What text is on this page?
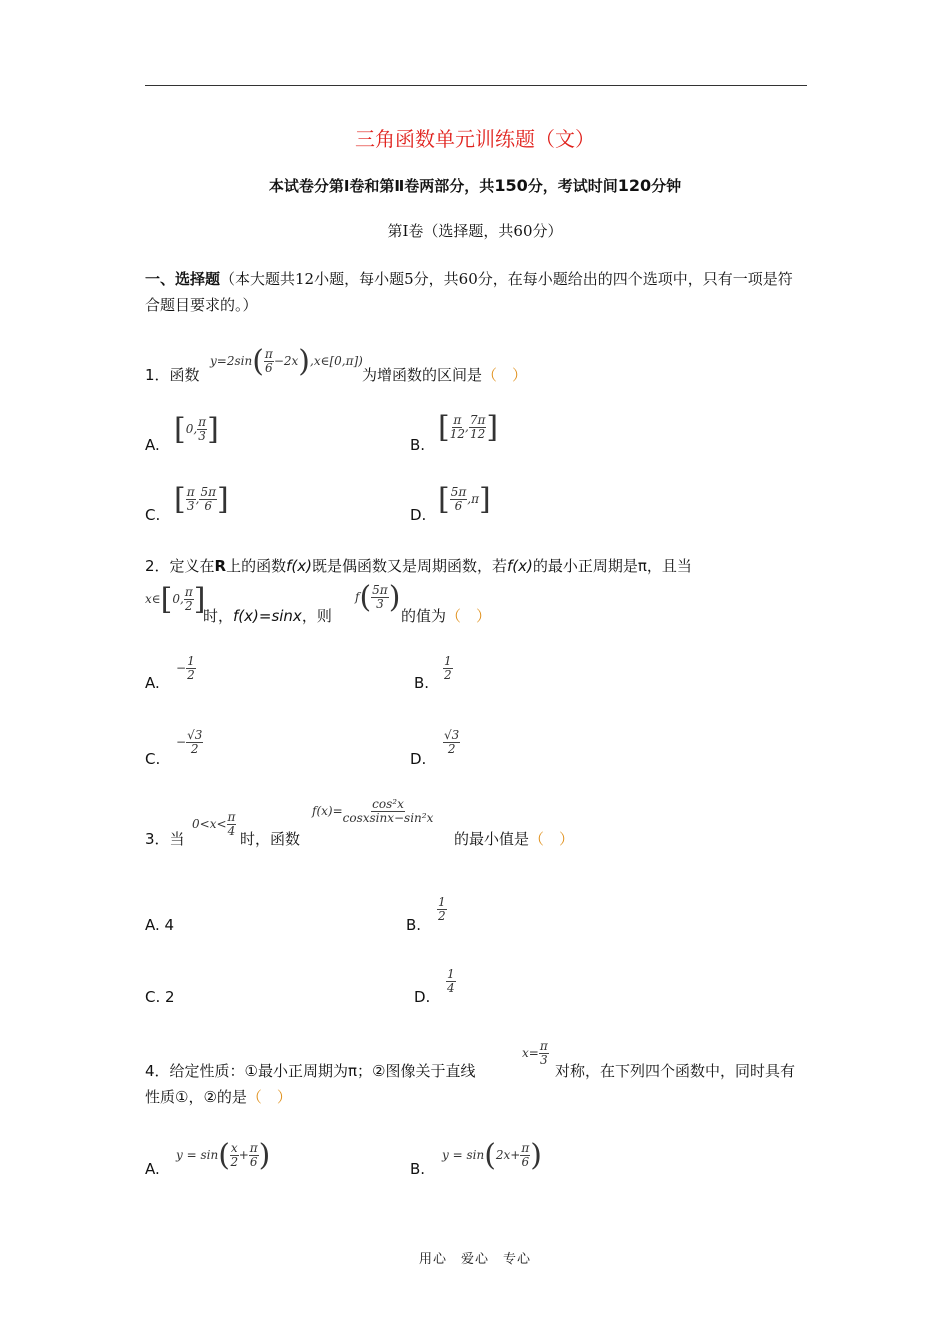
三角函数单元训练题（文）
本试卷分第Ⅰ卷和第Ⅱ卷两部分，共150分，考试时间120分钟
第Ⅰ卷（选择题，共60分）
一、选择题（本大题共12小题，每小题5分，共60分，在每小题给出的四个选项中，只有一项是符合题目要求的。）
1．函数
$y=2\sin( \frac{\pi}{6}$ −2x),x∈[0,π])
为增函数的区间是（　）
A. [0, $\frac{\pi}{3}$ ]	B. [ $\frac{\pi}{12}$ , $\frac{7\pi}{12}$ ]
C. [ $\frac{\pi}{3}$ , $\frac{5\pi}{6}$ ]	D. [ $\frac{5\pi}{6} ,\pi$]
2．定义在R上的函数f(x)既是偶函数又是周期函数，若f(x)的最小正周期是π，且当
x∈[0, $\frac{\pi}{2}$ ]
时，f(x)=sinx，则
$f( \frac{5\pi}{3}$ )
的值为（　）
A.
− $\frac{1}{2}$
B.
$\frac{1}{2}$
C.
− $\frac{√3}{2}$
D.
$\frac{√3}{2}$
3．当
$0<x< \frac{\pi}{4}$
时，函数
$f(x)= \frac{\text{cos²x}}{\text{cosxsinx−sin²x}}$
的最小值是（　）
A. 4	B.
$\frac{1}{2}$
C. 2	D.
$\frac{1}{4}$
4．给定性质：①最小正周期为π；②图像关于直线
$x= \frac{\pi}{3}$
对称，在下列四个函数中，同时具有性质①，②的是（　）
A.
$y = \sin( \frac{x}{2} + \frac{\pi}{6}$ )	B.
$y = \sin(2x+ \frac{\pi}{6}$ )
用心　爱心　专心
